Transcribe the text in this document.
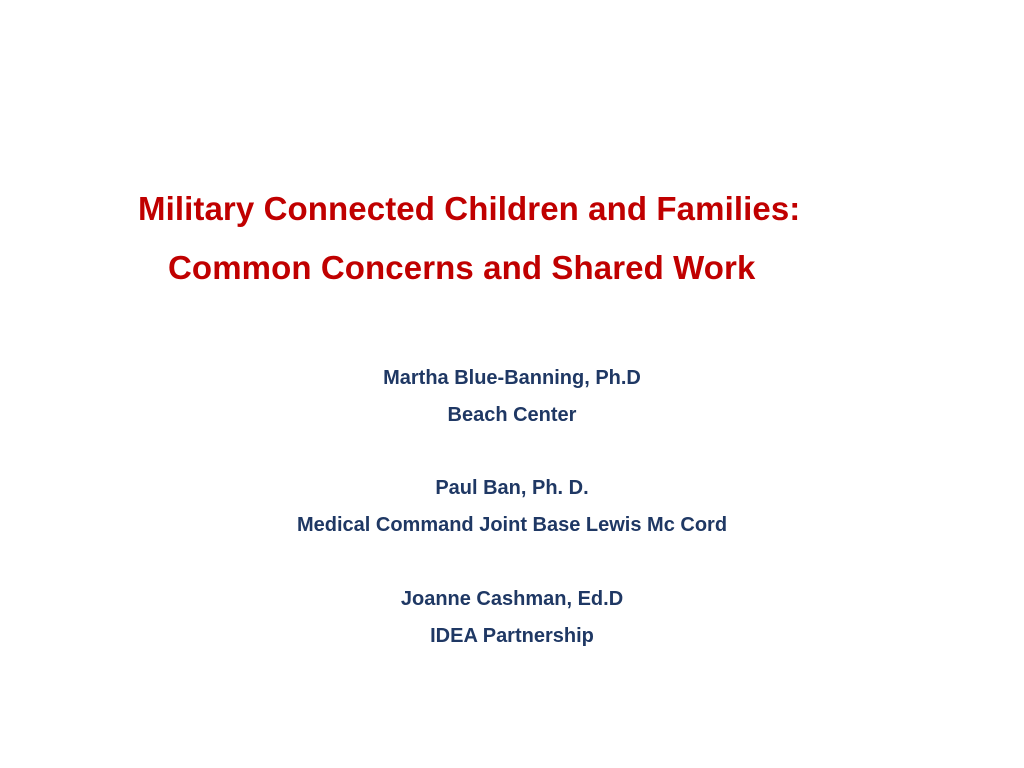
Military Connected Children and Families:
Common Concerns and Shared Work
Martha Blue-Banning, Ph.D
Beach Center
Paul Ban, Ph. D.
Medical Command Joint Base Lewis Mc Cord
Joanne Cashman, Ed.D
IDEA Partnership
